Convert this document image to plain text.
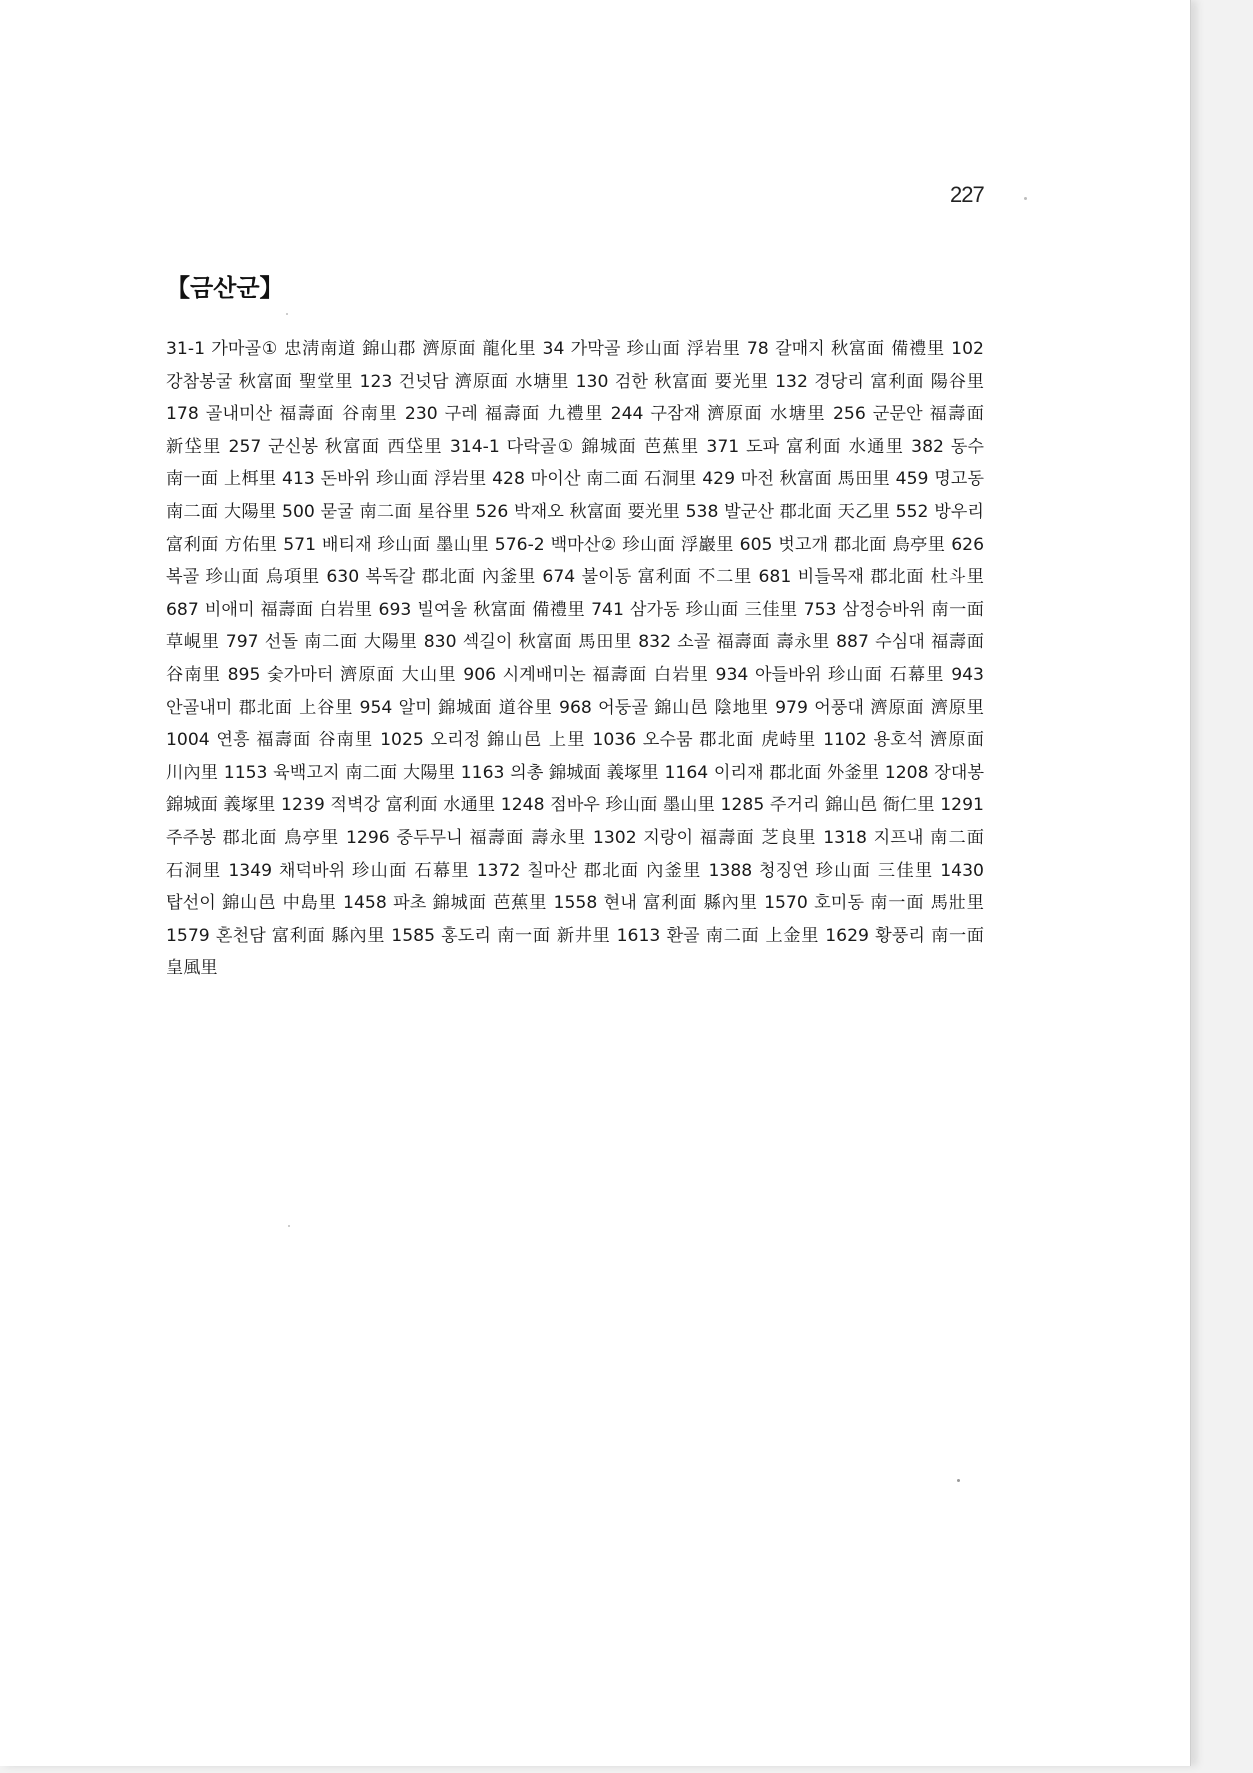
227
【금산군】
31-1 가마골① 忠淸南道 錦山郡 濟原面 龍化里 34 가막골 珍山面 浮岩里 78 갈매지 秋富面 備禮里 102 강참봉굴 秋富面 聖堂里 123 건넛담 濟原面 水塘里 130 검한 秋富面 要光里 132 경당리 富利面 陽谷里 178 골내미산 福壽面 谷南里 230 구레 福壽面 九禮里 244 구잠재 濟原面 水塘里 256 군문안 福壽面 新垈里 257 군신봉 秋富面 西垈里 314-1 다락골① 錦城面 芭蕉里 371 도파 富利面 水通里 382 동수 南一面 上栮里 413 돈바위 珍山面 浮岩里 428 마이산 南二面 石洞里 429 마전 秋富面 馬田里 459 명고동 南二面 大陽里 500 묻굴 南二面 星谷里 526 박재오 秋富面 要光里 538 발군산 郡北面 天乙里 552 방우리 富利面 方佑里 571 배티재 珍山面 墨山里 576-2 백마산② 珍山面 浮巖里 605 벗고개 郡北面 鳥亭里 626 복골 珍山面 烏項里 630 복독갈 郡北面 內釜里 674 불이동 富利面 不二里 681 비들목재 郡北面 杜斗里 687 비애미 福壽面 白岩里 693 빌여울 秋富面 備禮里 741 삼가동 珍山面 三佳里 753 삼정승바위 南一面 草峴里 797 선돌 南二面 大陽里 830 섹길이 秋富面 馬田里 832 소골 福壽面 壽永里 887 수심대 福壽面 谷南里 895 숯가마터 濟原面 大山里 906 시계배미논 福壽面 白岩里 934 아들바위 珍山面 石幕里 943 안골내미 郡北面 上谷里 954 알미 錦城面 道谷里 968 어둥골 錦山邑 陰地里 979 어풍대 濟原面 濟原里 1004 연흥 福壽面 谷南里 1025 오리정 錦山邑 上里 1036 오수뭄 郡北面 虎峙里 1102 용호석 濟原面 川內里 1153 육백고지 南二面 大陽里 1163 의총 錦城面 義塚里 1164 이리재 郡北面 外釜里 1208 장대봉 錦城面 義塚里 1239 적벽강 富利面 水通里 1248 점바우 珍山面 墨山里 1285 주거리 錦山邑 衙仁里 1291 주주봉 郡北面 鳥亭里 1296 중두무니 福壽面 壽永里 1302 지랑이 福壽面 芝良里 1318 지프내 南二面 石洞里 1349 채덕바위 珍山面 石幕里 1372 칠마산 郡北面 內釜里 1388 청징연 珍山面 三佳里 1430 탑선이 錦山邑 中島里 1458 파초 錦城面 芭蕉里 1558 현내 富利面 縣內里 1570 호미동 南一面 馬壯里 1579 혼천담 富利面 縣內里 1585 홍도리 南一面 新井里 1613 환골 南二面 上金里 1629 황풍리 南一面 皇風里
